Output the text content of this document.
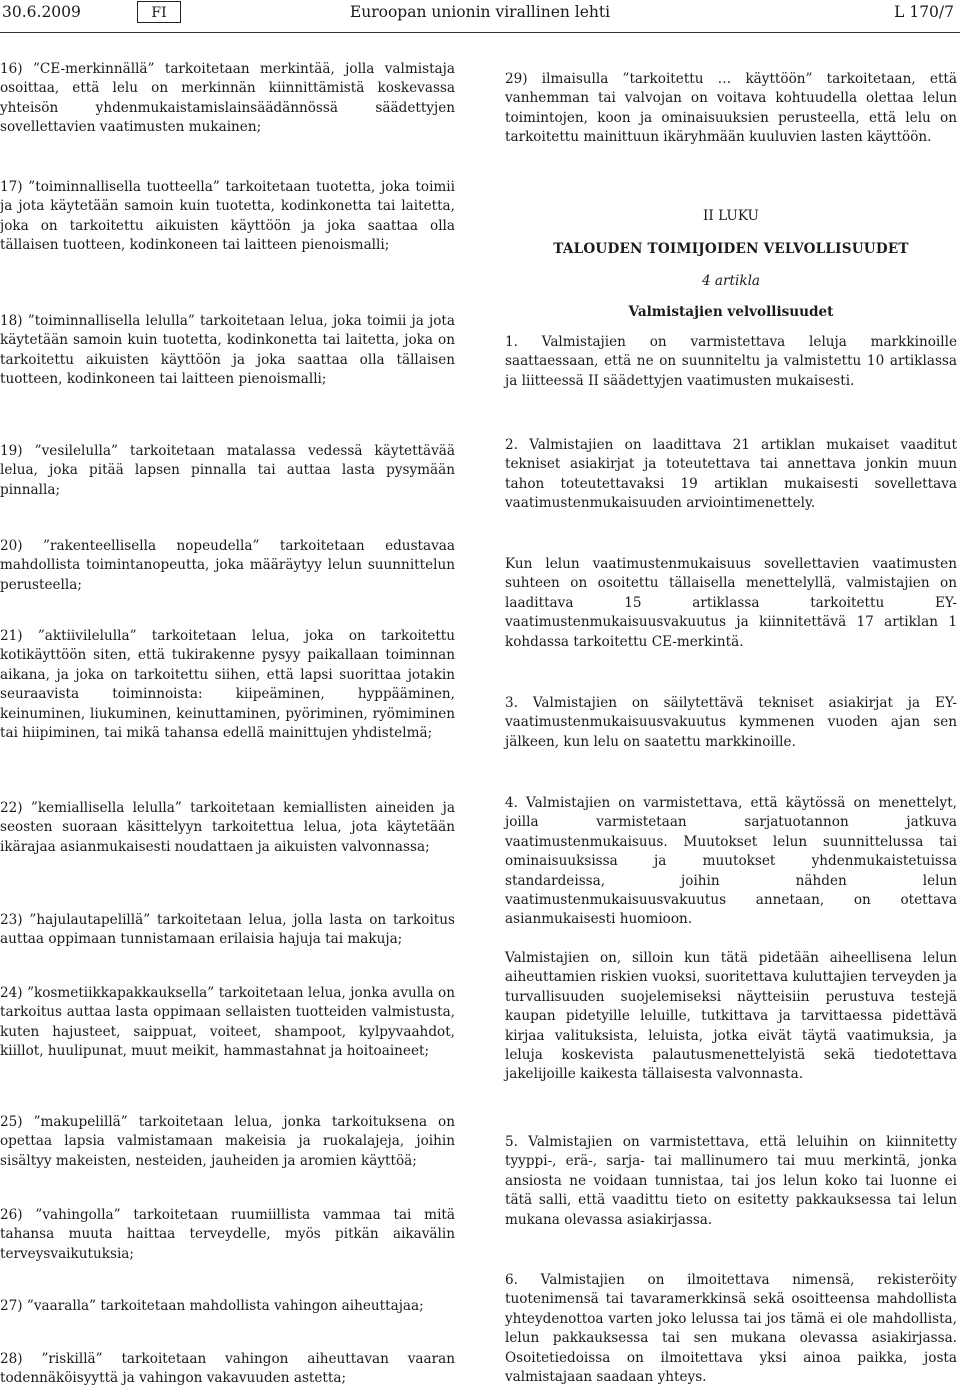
30.6.2009	FI	Euroopan unionin virallinen lehti	L 170/7

16) ”CE-merkinnällä” tarkoitetaan merkintää, jolla valmistaja osoittaa, että lelu on merkinnän kiinnittämistä koskevassa yhteisön yhdenmukaistamislainsäädännössä säädettyjen sovellettavien vaatimusten mukainen;

17) ”toiminnallisella tuotteella” tarkoitetaan tuotetta, joka toimii ja jota käytetään samoin kuin tuotetta, kodinkonetta tai laitetta, joka on tarkoitettu aikuisten käyttöön ja joka saattaa olla tällaisen tuotteen, kodinkoneen tai laitteen pienoismalli;

18) ”toiminnallisella lelulla” tarkoitetaan lelua, joka toimii ja jota käytetään samoin kuin tuotetta, kodinkonetta tai laitetta, joka on tarkoitettu aikuisten käyttöön ja joka saattaa olla tällaisen tuotteen, kodinkoneen tai laitteen pienoismalli;

19) ”vesilelulla” tarkoitetaan matalassa vedessä käytettävää lelua, joka pitää lapsen pinnalla tai auttaa lasta pysymään pinnalla;

20) ”rakenteellisella nopeudella” tarkoitetaan edustavaa mahdollista toimintanopeutta, joka määräytyy lelun suunnittelun perusteella;

21) ”aktiivilelulla” tarkoitetaan lelua, joka on tarkoitettu kotikäyttöön siten, että tukirakenne pysyy paikallaan toiminnan aikana, ja joka on tarkoitettu siihen, että lapsi suorittaa jotakin seuraavista toiminnoista: kiipeäminen, hyppääminen, keinuminen, liukuminen, keinuttaminen, pyöriminen, ryömiminen tai hiipiminen, tai mikä tahansa edellä mainittujen yhdistelmä;

22) ”kemiallisella lelulla” tarkoitetaan kemiallisten aineiden ja seosten suoraan käsittelyyn tarkoitettua lelua, jota käytetään ikärajaa asianmukaisesti noudattaen ja aikuisten valvonnassa;

23) ”hajulautapelillä” tarkoitetaan lelua, jolla lasta on tarkoitus auttaa oppimaan tunnistamaan erilaisia hajuja tai makuja;

24) ”kosmetiikkapakkauksella” tarkoitetaan lelua, jonka avulla on tarkoitus auttaa lasta oppimaan sellaisten tuotteiden valmistusta, kuten hajusteet, saippuat, voiteet, shampoot, kylpyvaahdot, kiillot, huulipunat, muut meikit, hammastahnat ja hoitoaineet;

25) ”makupelillä” tarkoitetaan lelua, jonka tarkoituksena on opettaa lapsia valmistamaan makeisia ja ruokalajeja, joihin sisältyy makeisten, nesteiden, jauheiden ja aromien käyttöä;

26) ”vahingolla” tarkoitetaan ruumiillista vammaa tai mitä tahansa muuta haittaa terveydelle, myös pitkän aikavälin terveysvaikutuksia;

27) ”vaaralla” tarkoitetaan mahdollista vahingon aiheuttajaa;

28) ”riskillä” tarkoitetaan vahingon aiheuttavan vaaran todennäköisyyttä ja vahingon vakavuuden astetta;

29) ilmaisulla ”tarkoitettu … käyttöön” tarkoitetaan, että vanhemman tai valvojan on voitava kohtuudella olettaa lelun toimintojen, koon ja ominaisuuksien perusteella, että lelu on tarkoitettu mainittuun ikäryhmään kuuluvien lasten käyttöön.

II LUKU

TALOUDEN TOIMIJOIDEN VELVOLLISUUDET

4 artikla

Valmistajien velvollisuudet

1. Valmistajien on varmistettava leluja markkinoille saattaessaan, että ne on suunniteltu ja valmistettu 10 artiklassa ja liitteessä II säädettyjen vaatimusten mukaisesti.

2. Valmistajien on laadittava 21 artiklan mukaiset vaaditut tekniset asiakirjat ja toteutettava tai annettava jonkin muun tahon toteutettavaksi 19 artiklan mukaisesti sovellettava vaatimustenmukaisuuden arviointimenettely.

Kun lelun vaatimustenmukaisuus sovellettavien vaatimusten suhteen on osoitettu tällaisella menettelyllä, valmistajien on laadittava 15 artiklassa tarkoitettu EY-vaatimustenmukaisuusvakuutus ja kiinnitettävä 17 artiklan 1 kohdassa tarkoitettu CE-merkintä.

3. Valmistajien on säilytettävä tekniset asiakirjat ja EY-vaatimustenmukaisuusvakuutus kymmenen vuoden ajan sen jälkeen, kun lelu on saatettu markkinoille.

4. Valmistajien on varmistettava, että käytössä on menettelyt, joilla varmistetaan sarjatuotannon jatkuva vaatimustenmukaisuus. Muutokset lelun suunnittelussa tai ominaisuuksissa ja muutokset yhdenmukaistetuissa standardeissa, joihin nähden lelun vaatimustenmukaisuusvakuutus annetaan, on otettava asianmukaisesti huomioon.

Valmistajien on, silloin kun tätä pidetään aiheellisena lelun aiheuttamien riskien vuoksi, suoritettava kuluttajien terveyden ja turvallisuuden suojelemiseksi näytteisiin perustuva testejä kaupan pidetyille leluille, tutkittava ja tarvittaessa pidettävä kirjaa valituksista, leluista, jotka eivät täytä vaatimuksia, ja leluja koskevista palautusmenettelyistä sekä tiedotettava jakelijoille kaikesta tällaisesta valvonnasta.

5. Valmistajien on varmistettava, että leluihin on kiinnitetty tyyppi-, erä-, sarja- tai mallinumero tai muu merkintä, jonka ansiosta ne voidaan tunnistaa, tai jos lelun koko tai luonne ei tätä salli, että vaadittu tieto on esitetty pakkauksessa tai lelun mukana olevassa asiakirjassa.

6. Valmistajien on ilmoitettava nimensä, rekisteröity tuotenimensä tai tavaramerkkinsä sekä osoitteensa mahdollista yhteydenottoa varten joko lelussa tai jos tämä ei ole mahdollista, lelun pakkauksessa tai sen mukana olevassa asiakirjassa. Osoitetiedoissa on ilmoitettava yksi ainoa paikka, josta valmistajaan saadaan yhteys.
